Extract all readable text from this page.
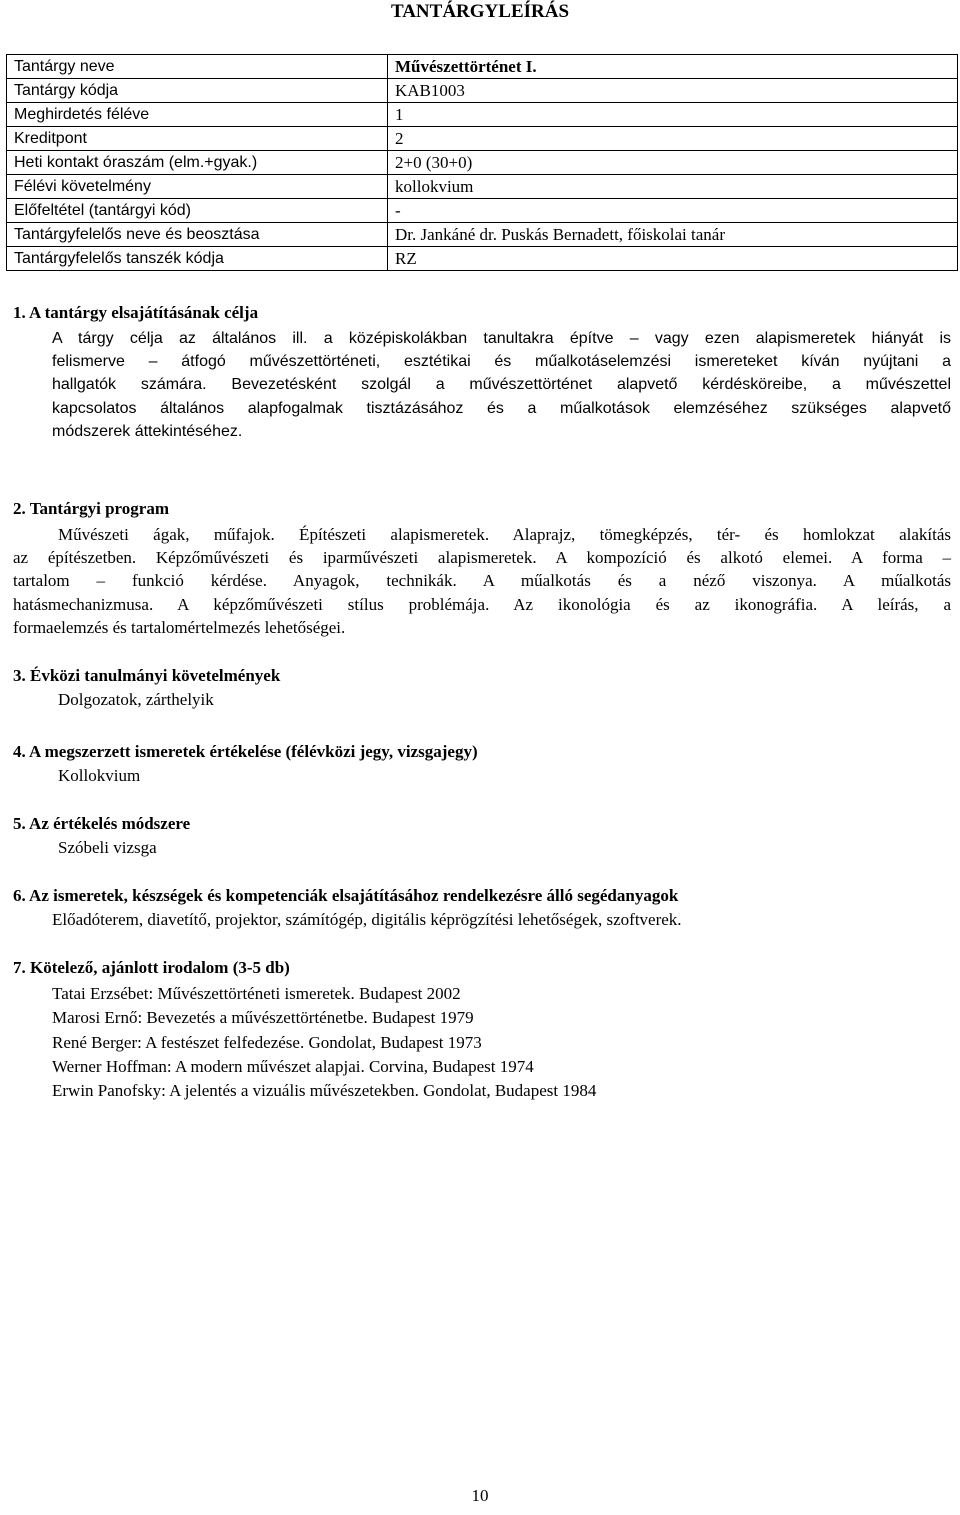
TANTÁRGYLEÍRÁS
Tantárgy neve	Művészettörténet I.
Tantárgy kódja	KAB1003
Meghirdetés féléve	1
Kreditpont	2
Heti kontakt óraszám (elm.+gyak.)	2+0 (30+0)
Félévi követelmény	kollokvium
Előfeltétel (tantárgyi kód)	-
Tantárgyfelelős neve és beosztása	Dr. Jankáné dr. Puskás Bernadett, főiskolai tanár
Tantárgyfelelős tanszék kódja	RZ
1. A tantárgy elsajátításának célja
A tárgy célja az általános ill. a középiskolákban tanultakra építve – vagy ezen alapismeretek hiányát is
felismerve – átfogó művészettörténeti, esztétikai és műalkotáselemzési ismereteket kíván nyújtani a
hallgatók számára. Bevezetésként szolgál a művészettörténet alapvető kérdésköreibe, a művészettel
kapcsolatos általános alapfogalmak tisztázásához és a műalkotások elemzéséhez szükséges alapvető
módszerek áttekintéséhez.
2. Tantárgyi program
Művészeti ágak, műfajok. Építészeti alapismeretek. Alaprajz, tömegképzés, tér- és homlokzat alakítás
az építészetben. Képzőművészeti és iparművészeti alapismeretek. A kompozíció és alkotó elemei. A forma –
tartalom – funkció kérdése. Anyagok, technikák. A műalkotás és a néző viszonya. A műalkotás
hatásmechanizmusa. A képzőművészeti stílus problémája. Az ikonológia és az ikonográfia. A leírás, a
formaelemzés és tartalomértelmezés lehetőségei.
3. Évközi tanulmányi követelmények
Dolgozatok, zárthelyik
4. A megszerzett ismeretek értékelése (félévközi jegy, vizsgajegy)
Kollokvium
5. Az értékelés módszere
Szóbeli vizsga
6. Az ismeretek, készségek és kompetenciák elsajátításához rendelkezésre álló segédanyagok
Előadóterem, diavetítő, projektor, számítógép, digitális képrögzítési lehetőségek, szoftverek.
7. Kötelező, ajánlott irodalom (3-5 db)
Tatai Erzsébet: Művészettörténeti ismeretek. Budapest 2002
Marosi Ernő: Bevezetés a művészettörténetbe. Budapest 1979
René Berger: A festészet felfedezése. Gondolat, Budapest 1973
Werner Hoffman: A modern művészet alapjai. Corvina, Budapest 1974
Erwin Panofsky: A jelentés a vizuális művészetekben. Gondolat, Budapest 1984
10
